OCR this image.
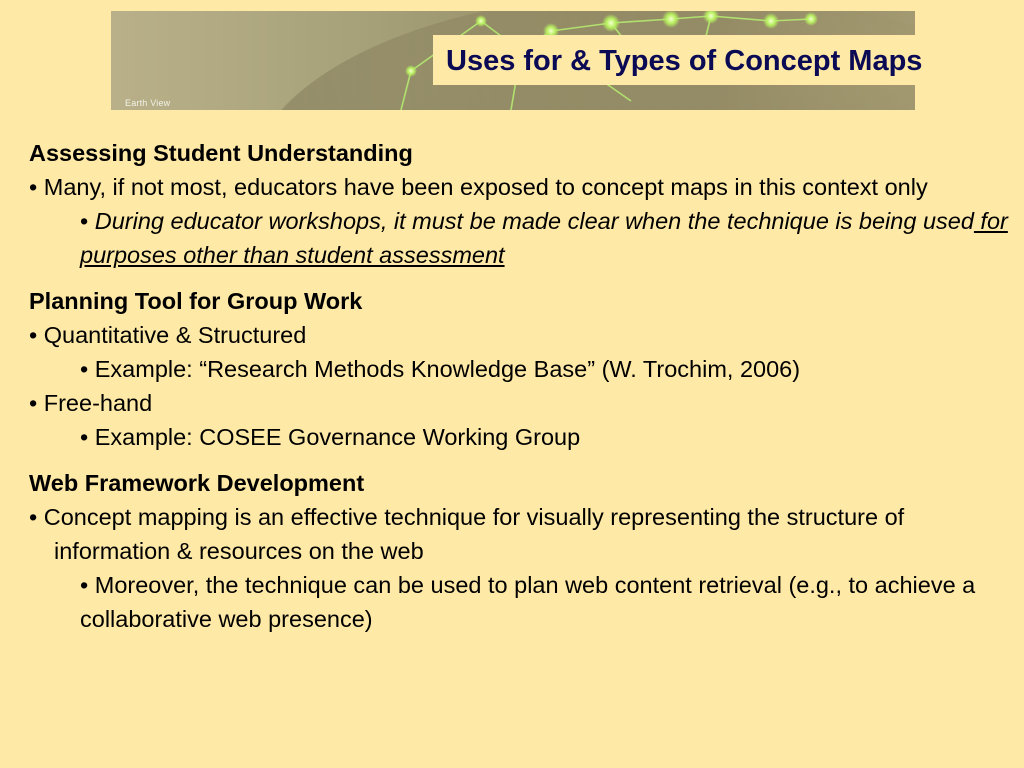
Earth View
Uses for & Types of Concept Maps

Assessing Student Understanding

• Many, if not most, educators have been exposed to concept maps in this context only

• During educator workshops, it must be made clear when the technique is being used for purposes other than student assessment

Planning Tool for Group Work

• Quantitative & Structured

• Example: “Research Methods Knowledge Base” (W. Trochim, 2006)

• Free-hand

• Example: COSEE Governance Working Group

Web Framework Development

• Concept mapping is an effective technique for visually representing the structure of information & resources on the web

• Moreover, the technique can be used to plan web content retrieval (e.g., to achieve a collaborative web presence)
